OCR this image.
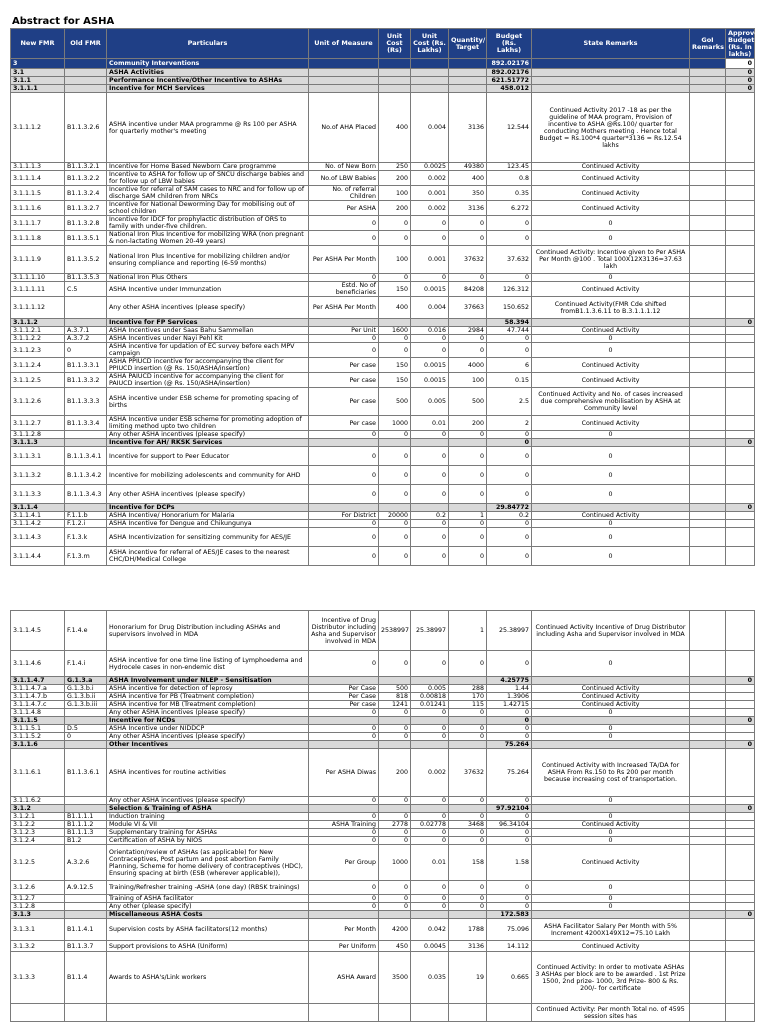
Abstract for ASHA
New FMR	Old FMR	Particulars	Unit of Measure	Unit Cost (Rs)	Unit Cost (Rs. Lakhs)	Quantity/ Target	Budget (Rs. Lakhs)	State Remarks	GoI Remarks	Approved Budget (Rs. In lakhs)
3		Community Interventions					892.02176			0
3.1		ASHA Activities					892.02176			0
3.1.1		Performance Incentive/Other Incentive to ASHAs					621.51772			0
3.1.1.1		Incentive for MCH Services					458.012			0
3.1.1.1.2	B1.1.3.2.6	ASHA incentive under MAA programme @ Rs 100 per ASHA for quarterly mother's meeting	No.of AHA Placed	400	0.004	3136	12.544	Continued Activity 2017 -18 as per the guideline of MAA program, Provision of incentive to ASHA @Rs.100/ quarter for conducting Mothers meeting . Hence total Budget = Rs.100*4 quarter*3136 = Rs.12.54 lakhs		
3.1.1.1.3	B1.1.3.2.1	Incentive for Home Based Newborn Care programme	No. of New Born	250	0.0025	49380	123.45	Continued Activity		
3.1.1.1.4	B1.1.3.2.2	Incentive to ASHA for follow up of SNCU discharge babies and for follow up of LBW babies	No.of LBW Babies	200	0.002	400	0.8	Continued Activity		
3.1.1.1.5	B1.1.3.2.4	Incentive for referral of SAM cases to NRC and for follow up of discharge SAM children from NRCs	No. of referral Children	100	0.001	350	0.35	Continued Activity		
3.1.1.1.6	B1.1.3.2.7	Incentive for National Deworming Day for mobilising out of school children	Per ASHA	200	0.002	3136	6.272	Continued Activity		
3.1.1.1.7	B1.1.3.2.8	Incentive for IDCF for prophylactic distribution of ORS to family with under-five children.	0	0	0	0	0	0		
3.1.1.1.8	B1.1.3.5.1	National Iron Plus Incentive for mobilizing WRA (non pregnant & non-lactating Women 20-49 years)	0	0	0	0	0	0		
3.1.1.1.9	B1.1.3.5.2	National Iron Plus Incentive for mobilizing children and/or ensuring compliance and reporting (6-59 months)	Per ASHA Per Month	100	0.001	37632	37.632	Continued Activity: Incentive given to Per ASHA Per Month @100 . Total 100X12X3136=37.63 lakh		
3.1.1.1.10	B1.1.3.5.3	National Iron Plus Others	0	0	0	0	0	0		
3.1.1.1.11	C.5	ASHA Incentive under Immunzation	Estd. No of beneficiaries	150	0.0015	84208	126.312	Continued Activity		
3.1.1.1.12		Any other ASHA incentives (please specify)	Per ASHA Per Month	400	0.004	37663	150.652	Continued Activity(FMR Cde shifted fromB1.1.3.6.11 to B.3.1.1.1.12		
3.1.1.2		Incentive for FP Services					58.394			0
3.1.1.2.1	A.3.7.1	ASHA Incentives under Saas Bahu Sammellan	Per Unit	1600	0.016	2984	47.744	Continued Activity		
3.1.1.2.2	A.3.7.2	ASHA Incentives under Nayi Pehl Kit	0	0	0	0	0	0		
3.1.1.2.3	0	ASHA incentive for updation of EC survey before each MPV campaign	0	0	0	0	0	0		
3.1.1.2.4	B1.1.3.3.1	ASHA PPIUCD incentive for accompanying the client for PPIUCD insertion (@ Rs. 150/ASHA/insertion)	Per case	150	0.0015	4000	6	Continued Activity		
3.1.1.2.5	B1.1.3.3.2	ASHA PAIUCD incentive for accompanying the client for PAIUCD insertion (@ Rs. 150/ASHA/insertion)	Per case	150	0.0015	100	0.15	Continued Activity		
3.1.1.2.6	B1.1.3.3.3	ASHA incentive under ESB scheme for promoting spacing of births	Per case	500	0.005	500	2.5	Continued Activity and No. of cases increased due comprehensive mobilisation by ASHA at Community level		
3.1.1.2.7	B1.1.3.3.4	ASHA Incentive under ESB scheme for promoting adoption of limiting method upto two children	Per case	1000	0.01	200	2	Continued Activity		
3.1.1.2.8		Any other ASHA incentives (please specify)	0	0	0	0	0	0		
3.1.1.3		Incentive for AH/ RKSK Services					0			0
3.1.1.3.1	B.1.1.3.4.1	Incentive for support to Peer Educator	0	0	0	0	0	0		
3.1.1.3.2	B.1.1.3.4.2	Incentive for mobilizing adolescents and community for AHD	0	0	0	0	0	0		
3.1.1.3.3	B.1.1.3.4.3	Any other ASHA incentives (please specify)	0	0	0	0	0	0		
3.1.1.4		Incentive for DCPs					29.84772			0
3.1.1.4.1	F.1.1.b	ASHA Incentive/ Honorarium for Malaria	For District	20000	0.2	1	0.2	Continued Activity		
3.1.1.4.2	F.1.2.i	ASHA Incentive for Dengue and Chikungunya	0	0	0	0	0	0		
3.1.1.4.3	F.1.3.k	ASHA Incentivization for sensitizing community for AES/JE	0	0	0	0	0	0		
3.1.1.4.4	F.1.3.m	ASHA incentive for referral of AES/JE cases to the nearest CHC/DH/Medical College	0	0	0	0	0	0		
3.1.1.4.5	F.1.4.e	Honorarium for Drug Distribution including ASHAs and supervisors involved in MDA	Incentive of Drug Distributor including Asha and Supervisor involved in MDA	2538997	25.38997	1	25.38997	Continued Activity Incentive of Drug Distributor including Asha and Supervisor involved in MDA		
3.1.1.4.6	F.1.4.i	ASHA incentive for one time line listing of Lymphoedema and Hydrocele cases in non-endemic dist	0	0	0	0	0	0		
3.1.1.4.7	G.1.3.a	ASHA Involvement under NLEP - Sensitisation					4.25775			0
3.1.1.4.7.a	G.1.3.b.i	ASHA incentive for detection of leprosy	Per Case	500	0.005	288	1.44	Continued Activity		
3.1.1.4.7.b	G.1.3.b.ii	ASHA incentive for PB (Treatment completion)	Per Case	818	0.00818	170	1.3906	Continued Activity		
3.1.1.4.7.c	G.1.3.b.iii	ASHA incentive for MB (Treatment completion)	Per case	1241	0.01241	115	1.42715	Continued Activity		
3.1.1.4.8		Any other ASHA incentives (please specify)	0	0	0	0	0	0		
3.1.1.5		Incentive for NCDs					0			0
3.1.1.5.1	D.5	ASHA Incentive under NIDDCP	0	0	0	0	0	0		
3.1.1.5.2	0	Any other ASHA incentives (please specify)	0	0	0	0	0	0		
3.1.1.6		Other Incentives					75.264			0
3.1.1.6.1	B1.1.3.6.1	ASHA incentives for routine activities	Per ASHA Diwas	200	0.002	37632	75.264	Continued Activity with Increased TA/DA for ASHA From Rs.150 to Rs 200 per month because increasing cost of transportation.		
3.1.1.6.2		Any other ASHA incentives (please specify)	0	0	0	0	0	0		
3.1.2		Selection & Training of ASHA					97.92104			0
3.1.2.1	B1.1.1.1	Induction training	0	0	0	0	0	0		
3.1.2.2	B1.1.1.2	Module VI & VII	ASHA Training	2778	0.02778	3468	96.34104	Continued Activity		
3.1.2.3	B1.1.1.3	Supplementary training for ASHAs	0	0	0	0	0	0		
3.1.2.4	B1.2	Certification of ASHA by NIOS	0	0	0	0	0	0		
3.1.2.5	A.3.2.6	Orientation/review of ASHAs (as applicable) for New Contraceptives, Post partum and post abortion Family Planning, Scheme for home delivery of contraceptives (HDC), Ensuring spacing at birth (ESB (wherever applicable)),	Per Group	1000	0.01	158	1.58	Continued Activity		
3.1.2.6	A.9.12.5	Training/Refresher training -ASHA (one day) (RBSK trainings)	0	0	0	0	0	0		
3.1.2.7		Training of ASHA facilitator	0	0	0	0	0	0		
3.1.2.8		Any other (please specify)	0	0	0	0	0	0		
3.1.3		Miscellaneous ASHA Costs					172.583			0
3.1.3.1	B1.1.4.1	Supervision costs by ASHA facilitators(12 months)	Per Month	4200	0.042	1788	75.096	ASHA Facilitator Salary Per Month with 5% Increment 4200X149X12=75.10 Lakh		
3.1.3.2	B1.1.3.7	Support provisions to ASHA (Uniform)	Per Uniform	450	0.0045	3136	14.112	Continued Activity		
3.1.3.3	B1.1.4	Awards to ASHA's/Link workers	ASHA Award	3500	0.035	19	0.665	Continued Activity: In order to motivate ASHAs 3 ASHAs per block are to be awarded . 1st Prize 1500, 2nd prize- 1000, 3rd Prize- 800 & Rs. 200/- for certificate		
								Continued Activity: Per month Total no. of 4595 session sites has		
